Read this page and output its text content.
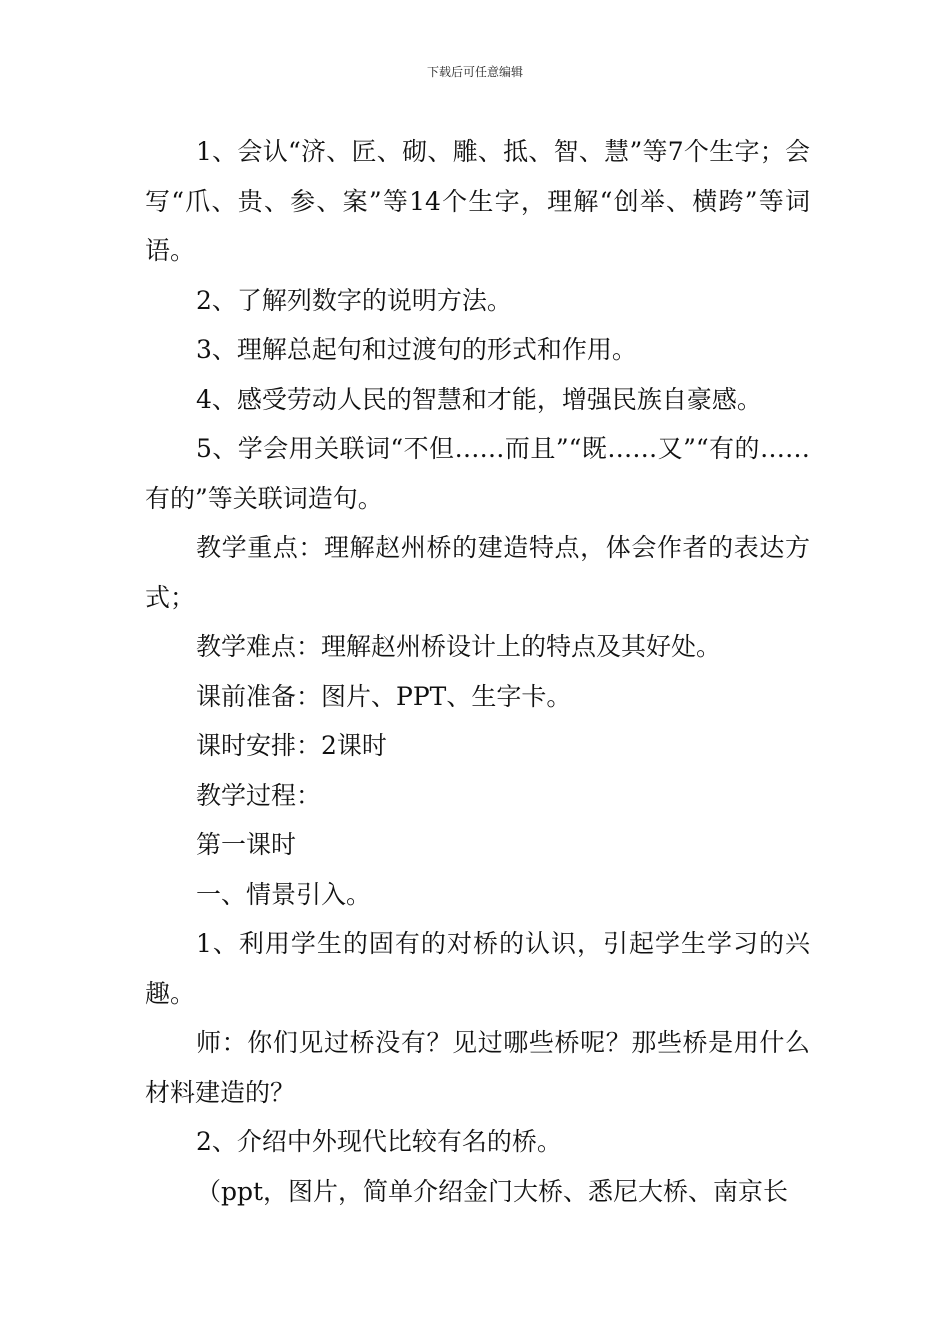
下载后可任意编辑

1、会认“济、匠、砌、雕、抵、智、慧”等7个生字；会写“爪、贵、参、案”等14个生字，理解“创举、横跨”等词语。

2、了解列数字的说明方法。

3、理解总起句和过渡句的形式和作用。

4、感受劳动人民的智慧和才能，增强民族自豪感。

5、学会用关联词“不但……而且”“既……又”“有的……有的”等关联词造句。

教学重点：理解赵州桥的建造特点，体会作者的表达方式；

教学难点：理解赵州桥设计上的特点及其好处。

课前准备：图片、PPT、生字卡。

课时安排：2课时

教学过程：

第一课时

一、情景引入。

1、利用学生的固有的对桥的认识，引起学生学习的兴趣。

师：你们见过桥没有？见过哪些桥呢？那些桥是用什么材料建造的？

2、介绍中外现代比较有名的桥。

（ppt，图片，简单介绍金门大桥、悉尼大桥、南京长
